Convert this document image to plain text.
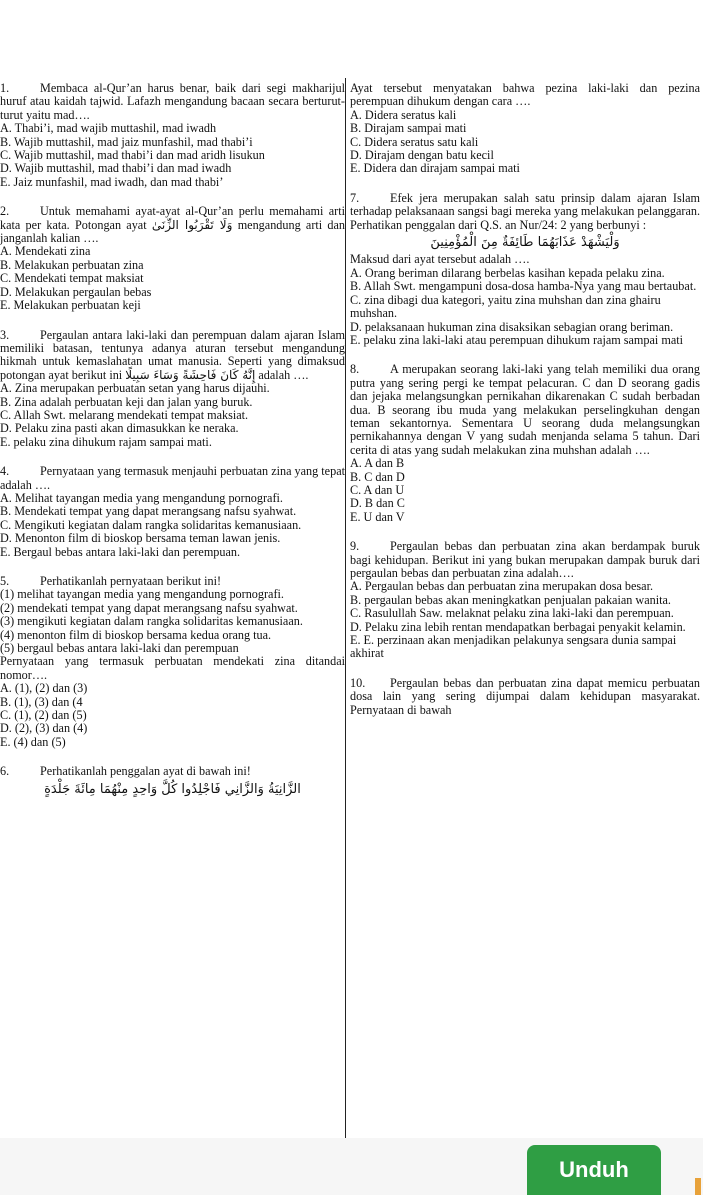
1.	Membaca al-Qur’an harus benar, baik dari segi makharijul huruf atau kaidah tajwid. Lafazh mengandung bacaan secara berturut-turut yaitu mad….

A. Thabi’i, mad wajib muttashil, mad iwadh
B. Wajib muttashil, mad jaiz munfashil, mad thabi’i
C. Wajib muttashil, mad thabi’i dan mad aridh lisukun
D. Wajib muttashil, mad thabi’i dan mad iwadh
E. Jaiz munfashil, mad iwadh, dan mad thabi’

2.	Untuk memahami ayat-ayat al-Qur’an perlu memahami arti kata per kata. Potongan ayat وَلَا تَقْرَبُوا الزِّنَىٰ mengandung arti dan janganlah kalian ….

A. Mendekati zina
B. Melakukan perbuatan zina
C. Mendekati tempat maksiat
D. Melakukan pergaulan bebas
E. Melakukan perbuatan keji

3.	Pergaulan antara laki-laki dan perempuan dalam ajaran Islam memiliki batasan, tentunya adanya aturan tersebut mengandung hikmah untuk kemaslahatan umat manusia. Seperti yang dimaksud potongan ayat berikut ini إِنَّهُ كَانَ فَاحِشَةً وَسَاءَ سَبِيلًا adalah ….

A. Zina merupakan perbuatan setan yang harus dijauhi.
B. Zina adalah perbuatan keji dan jalan yang buruk.
C. Allah Swt. melarang mendekati tempat maksiat.
D. Pelaku zina pasti akan dimasukkan ke neraka.
E. pelaku zina dihukum rajam sampai mati.

4.	Pernyataan yang termasuk menjauhi perbuatan zina yang tepat adalah ….

A. Melihat tayangan media yang mengandung pornografi.
B. Mendekati tempat yang dapat merangsang nafsu syahwat.
C. Mengikuti kegiatan dalam rangka solidaritas kemanusiaan.
D. Menonton film di bioskop bersama teman lawan jenis.
E. Bergaul bebas antara laki-laki dan perempuan.

5.	Perhatikanlah pernyataan berikut ini!

(1) melihat tayangan media yang mengandung pornografi.

(2) mendekati tempat yang dapat merangsang nafsu syahwat.

(3) mengikuti kegiatan dalam rangka solidaritas kemanusiaan.

(4) menonton film di bioskop bersama kedua orang tua.

(5) bergaul bebas antara laki-laki dan perempuan

Pernyataan yang termasuk perbuatan mendekati zina ditandai nomor….

A. (1), (2) dan (3)
B. (1), (3) dan (4
C. (1), (2) dan (5)
D. (2), (3) dan (4)
E. (4) dan (5)

6.	Perhatikanlah penggalan ayat di bawah ini!

الزَّانِيَةُ وَالزَّانِي فَاجْلِدُوا كُلَّ وَاحِدٍ مِنْهُمَا مِائَةَ جَلْدَةٍ

Ayat tersebut menyatakan bahwa pezina laki-laki dan pezina perempuan dihukum dengan cara ….

A. Didera seratus kali
B. Dirajam sampai mati
C. Didera seratus satu kali
D. Dirajam dengan batu kecil
E. Didera dan dirajam sampai mati

7.	Efek jera merupakan salah satu prinsip dalam ajaran Islam terhadap pelaksanaan sangsi bagi mereka yang melakukan pelanggaran. Perhatikan penggalan dari Q.S. an Nur/24: 2 yang berbunyi :

وَلْيَشْهَدْ عَذَابَهُمَا طَائِفَةٌ مِنَ الْمُؤْمِنِينَ

Maksud dari ayat tersebut adalah ….

A. Orang beriman dilarang berbelas kasihan kepada pelaku zina.
B. Allah Swt. mengampuni dosa-dosa hamba-Nya yang mau bertaubat.
C. zina dibagi dua kategori, yaitu zina muhshan dan zina ghairu muhshan.
D. pelaksanaan hukuman zina disaksikan sebagian orang beriman.
E. pelaku zina laki-laki atau perempuan dihukum rajam sampai mati

8.	A merupakan seorang laki-laki yang telah memiliki dua orang putra yang sering pergi ke tempat pelacuran. C dan D seorang gadis dan jejaka melangsungkan pernikahan dikarenakan C sudah berbadan dua. B seorang ibu muda yang melakukan perselingkuhan dengan teman sekantornya. Sementara U seorang duda melangsungkan pernikahannya dengan V yang sudah menjanda selama 5 tahun. Dari cerita di atas yang sudah melakukan zina muhshan adalah ….

A. A dan B
B. C dan D
C. A dan U
D. B dan C
E. U dan V

9.	Pergaulan bebas dan perbuatan zina akan berdampak buruk bagi kehidupan. Berikut ini yang bukan merupakan dampak buruk dari pergaulan bebas dan perbuatan zina adalah….

A. Pergaulan bebas dan perbuatan zina merupakan dosa besar.
B. pergaulan bebas akan meningkatkan penjualan pakaian wanita.
C. Rasulullah Saw. melaknat pelaku zina laki-laki dan perempuan.
D. Pelaku zina lebih rentan mendapatkan berbagai penyakit kelamin.
E. E. perzinaan akan menjadikan pelakunya sengsara dunia sampai akhirat

10. Pergaulan bebas dan perbuatan zina dapat memicu perbuatan dosa lain yang sering dijumpai dalam kehidupan masyarakat. Pernyataan di bawah

Unduh
